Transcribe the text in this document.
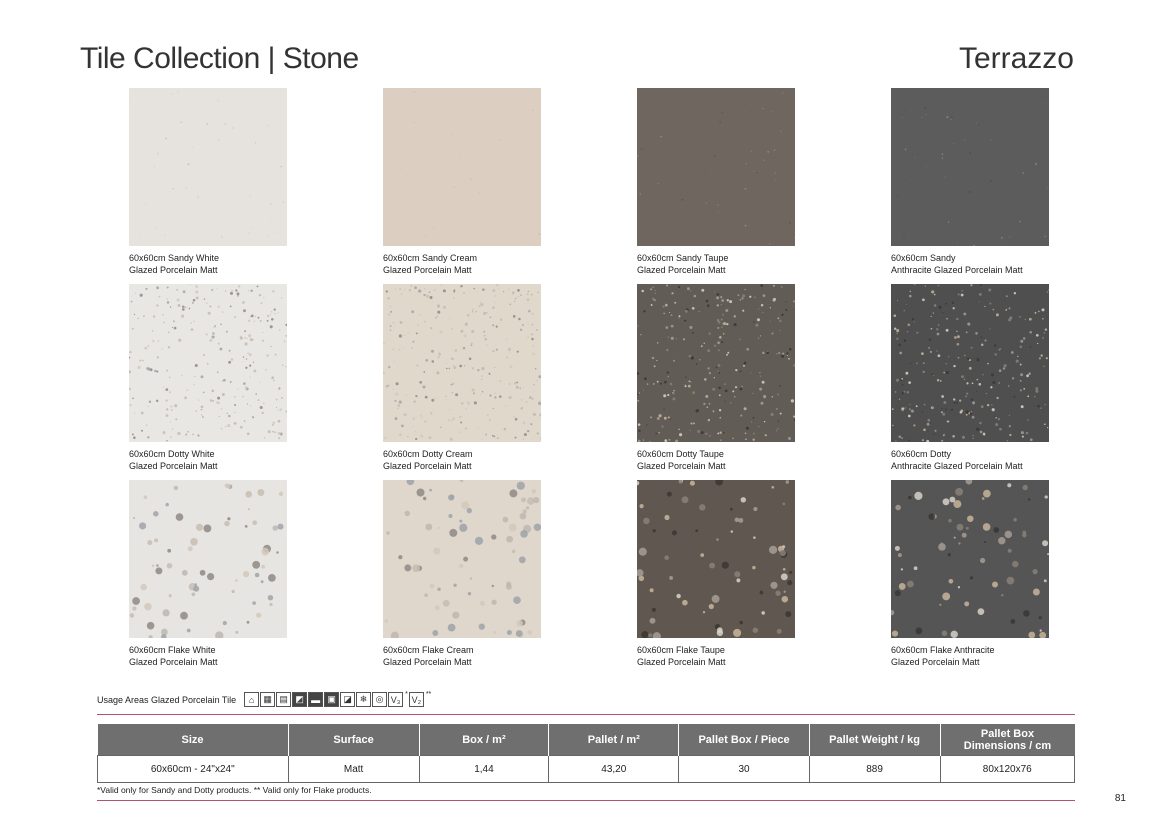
Tile Collection | Stone	Terrazzo
60x60cm Sandy White
Glazed Porcelain Matt
60x60cm Sandy Cream
Glazed Porcelain Matt
60x60cm Sandy Taupe
Glazed Porcelain Matt
60x60cm Sandy
Anthracite Glazed Porcelain Matt
60x60cm Dotty White
Glazed Porcelain Matt
60x60cm Dotty Cream
Glazed Porcelain Matt
60x60cm Dotty Taupe
Glazed Porcelain Matt
60x60cm Dotty
Anthracite Glazed Porcelain Matt
60x60cm Flake White
Glazed Porcelain Matt
60x60cm Flake Cream
Glazed Porcelain Matt
60x60cm Flake Taupe
Glazed Porcelain Matt
60x60cm Flake Anthracite
Glazed Porcelain Matt
Usage Areas Glazed Porcelain Tile	⌂	▦ ▤ ◩ ▬ ▣ ◪ ❄ ◎ V₃ * V₂ **
Size	Surface	Box / m²	Pallet / m²	Pallet Box / Piece	Pallet Weight / kg	Pallet Box
Dimensions / cm
60x60cm - 24"x24"	Matt	1,44	43,20	30	889	80x120x76
*Valid only for Sandy and Dotty products. ** Valid only for Flake products.
81
